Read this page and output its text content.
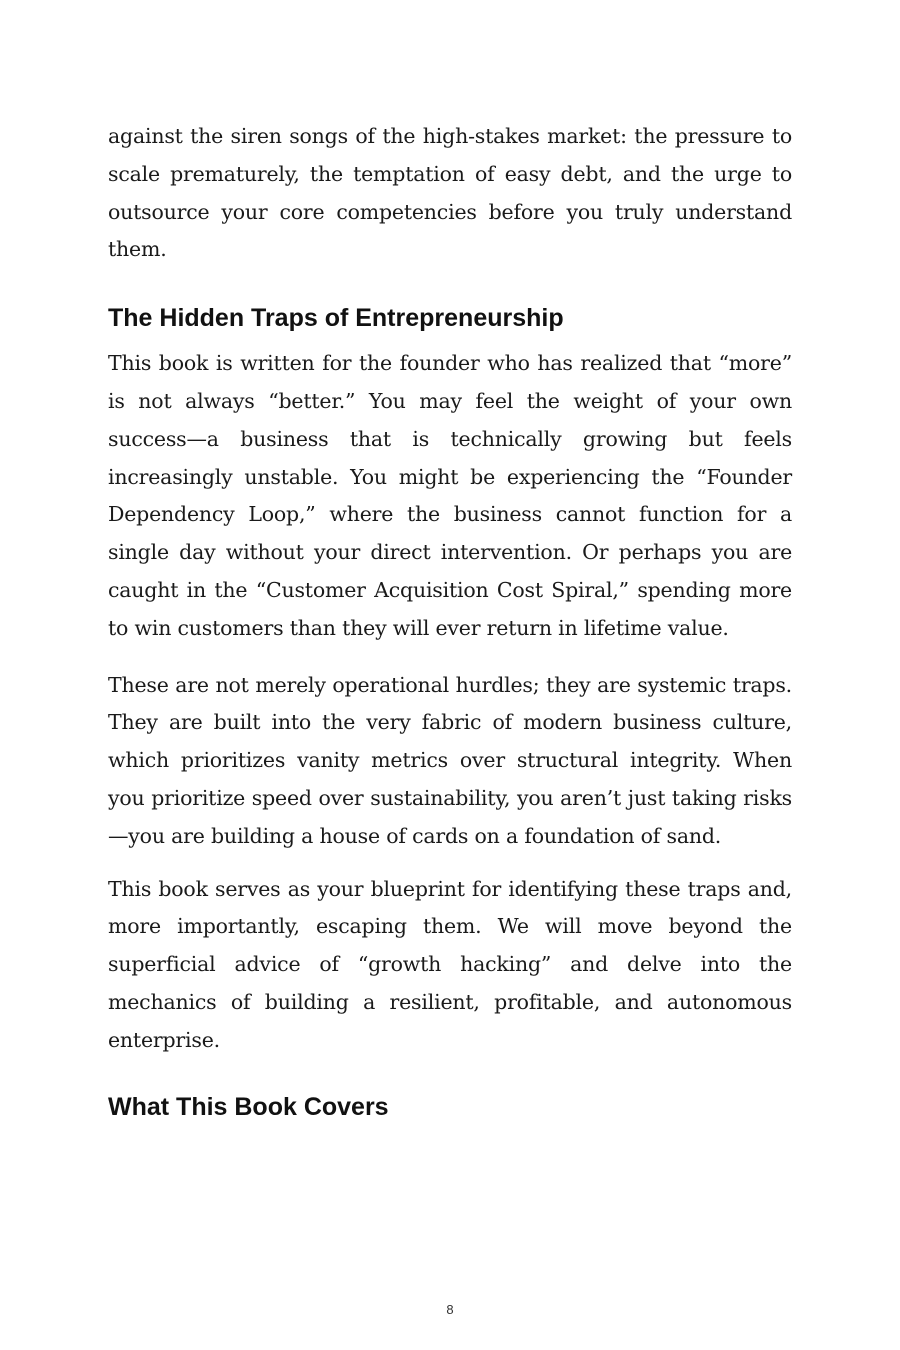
against the siren songs of the high-stakes market: the pressure to scale prematurely, the temptation of easy debt, and the urge to outsource your core competencies before you truly understand them.

The Hidden Traps of Entrepreneurship

This book is written for the founder who has realized that “more” is not always “better.” You may feel the weight of your own success—a business that is technically growing but feels increasingly unstable. You might be experiencing the “Founder Dependency Loop,” where the business cannot function for a single day without your direct intervention. Or perhaps you are caught in the “Customer Acquisition Cost Spiral,” spending more to win customers than they will ever return in lifetime value.

These are not merely operational hurdles; they are systemic traps. They are built into the very fabric of modern business culture, which prioritizes vanity metrics over structural integrity. When you prioritize speed over sustainability, you aren’t just taking risks—you are building a house of cards on a foundation of sand.

This book serves as your blueprint for identifying these traps and, more importantly, escaping them. We will move beyond the superficial advice of “growth hacking” and delve into the mechanics of building a resilient, profitable, and autonomous enterprise.

What This Book Covers
8
